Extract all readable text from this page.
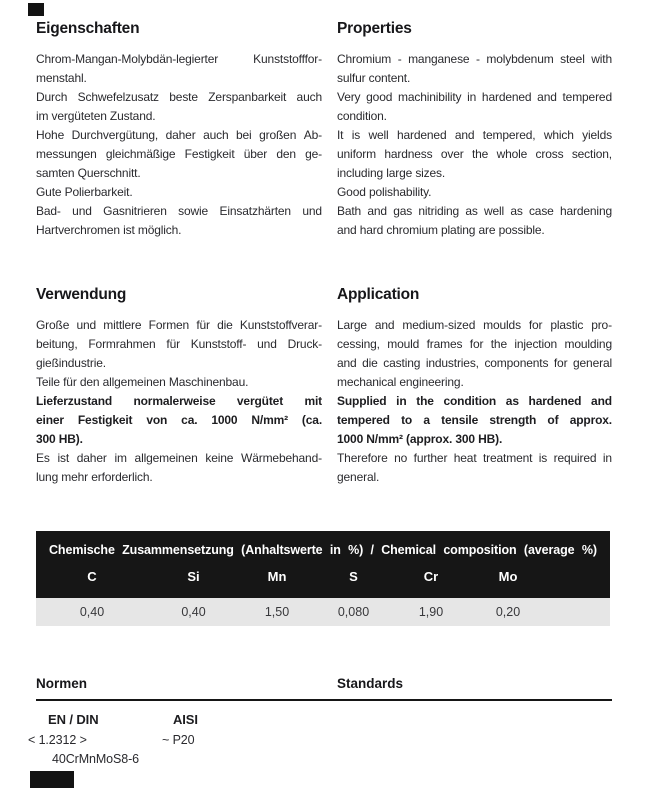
Eigenschaften
Chrom-Mangan-Molybdän-legierter	Kunststofffor-
menstahl.
Durch Schwefelzusatz beste Zerspanbarkeit auch
im vergüteten Zustand.
Hohe Durchvergütung, daher auch bei großen Ab-
messungen gleichmäßige Festigkeit über den ge-
samten Querschnitt.
Gute Polierbarkeit.
Bad- und Gasnitrieren sowie Einsatzhärten und
Hartverchromen ist möglich.
Properties
Chromium - manganese - molybdenum steel with
sulfur content.
Very good machinibility in hardened and tempered
condition.
It is well hardened and tempered, which yields
uniform hardness over the whole cross section,
including large sizes.
Good polishability.
Bath and gas nitriding as well as case hardening
and hard chromium plating are possible.
Verwendung
Große und mittlere Formen für die Kunststoffverar-
beitung, Formrahmen für Kunststoff- und Druck-
gießindustrie.
Teile für den allgemeinen Maschinenbau.
Lieferzustand normalerweise vergütet mit
einer Festigkeit von ca. 1000 N/mm² (ca.
300 HB).
Es ist daher im allgemeinen keine Wärmebehand-
lung mehr erforderlich.
Application
Large and medium-sized moulds for plastic pro-
cessing, mould frames for the injection moulding
and die casting industries, components for general
mechanical engineering.
Supplied in the condition as hardened and
tempered to a tensile strength of approx.
1000 N/mm² (approx. 300 HB).
Therefore no further heat treatment is required in
general.
Chemische Zusammensetzung (Anhaltswerte in %) / Chemical composition (average %)
C	Si	Mn	S	Cr	Mo
0,40	0,40	1,50	0,080	1,90	0,20
Normen	Standards
EN / DIN	AISI
< 1.2312 >	~ P20
40CrMnMoS8-6
